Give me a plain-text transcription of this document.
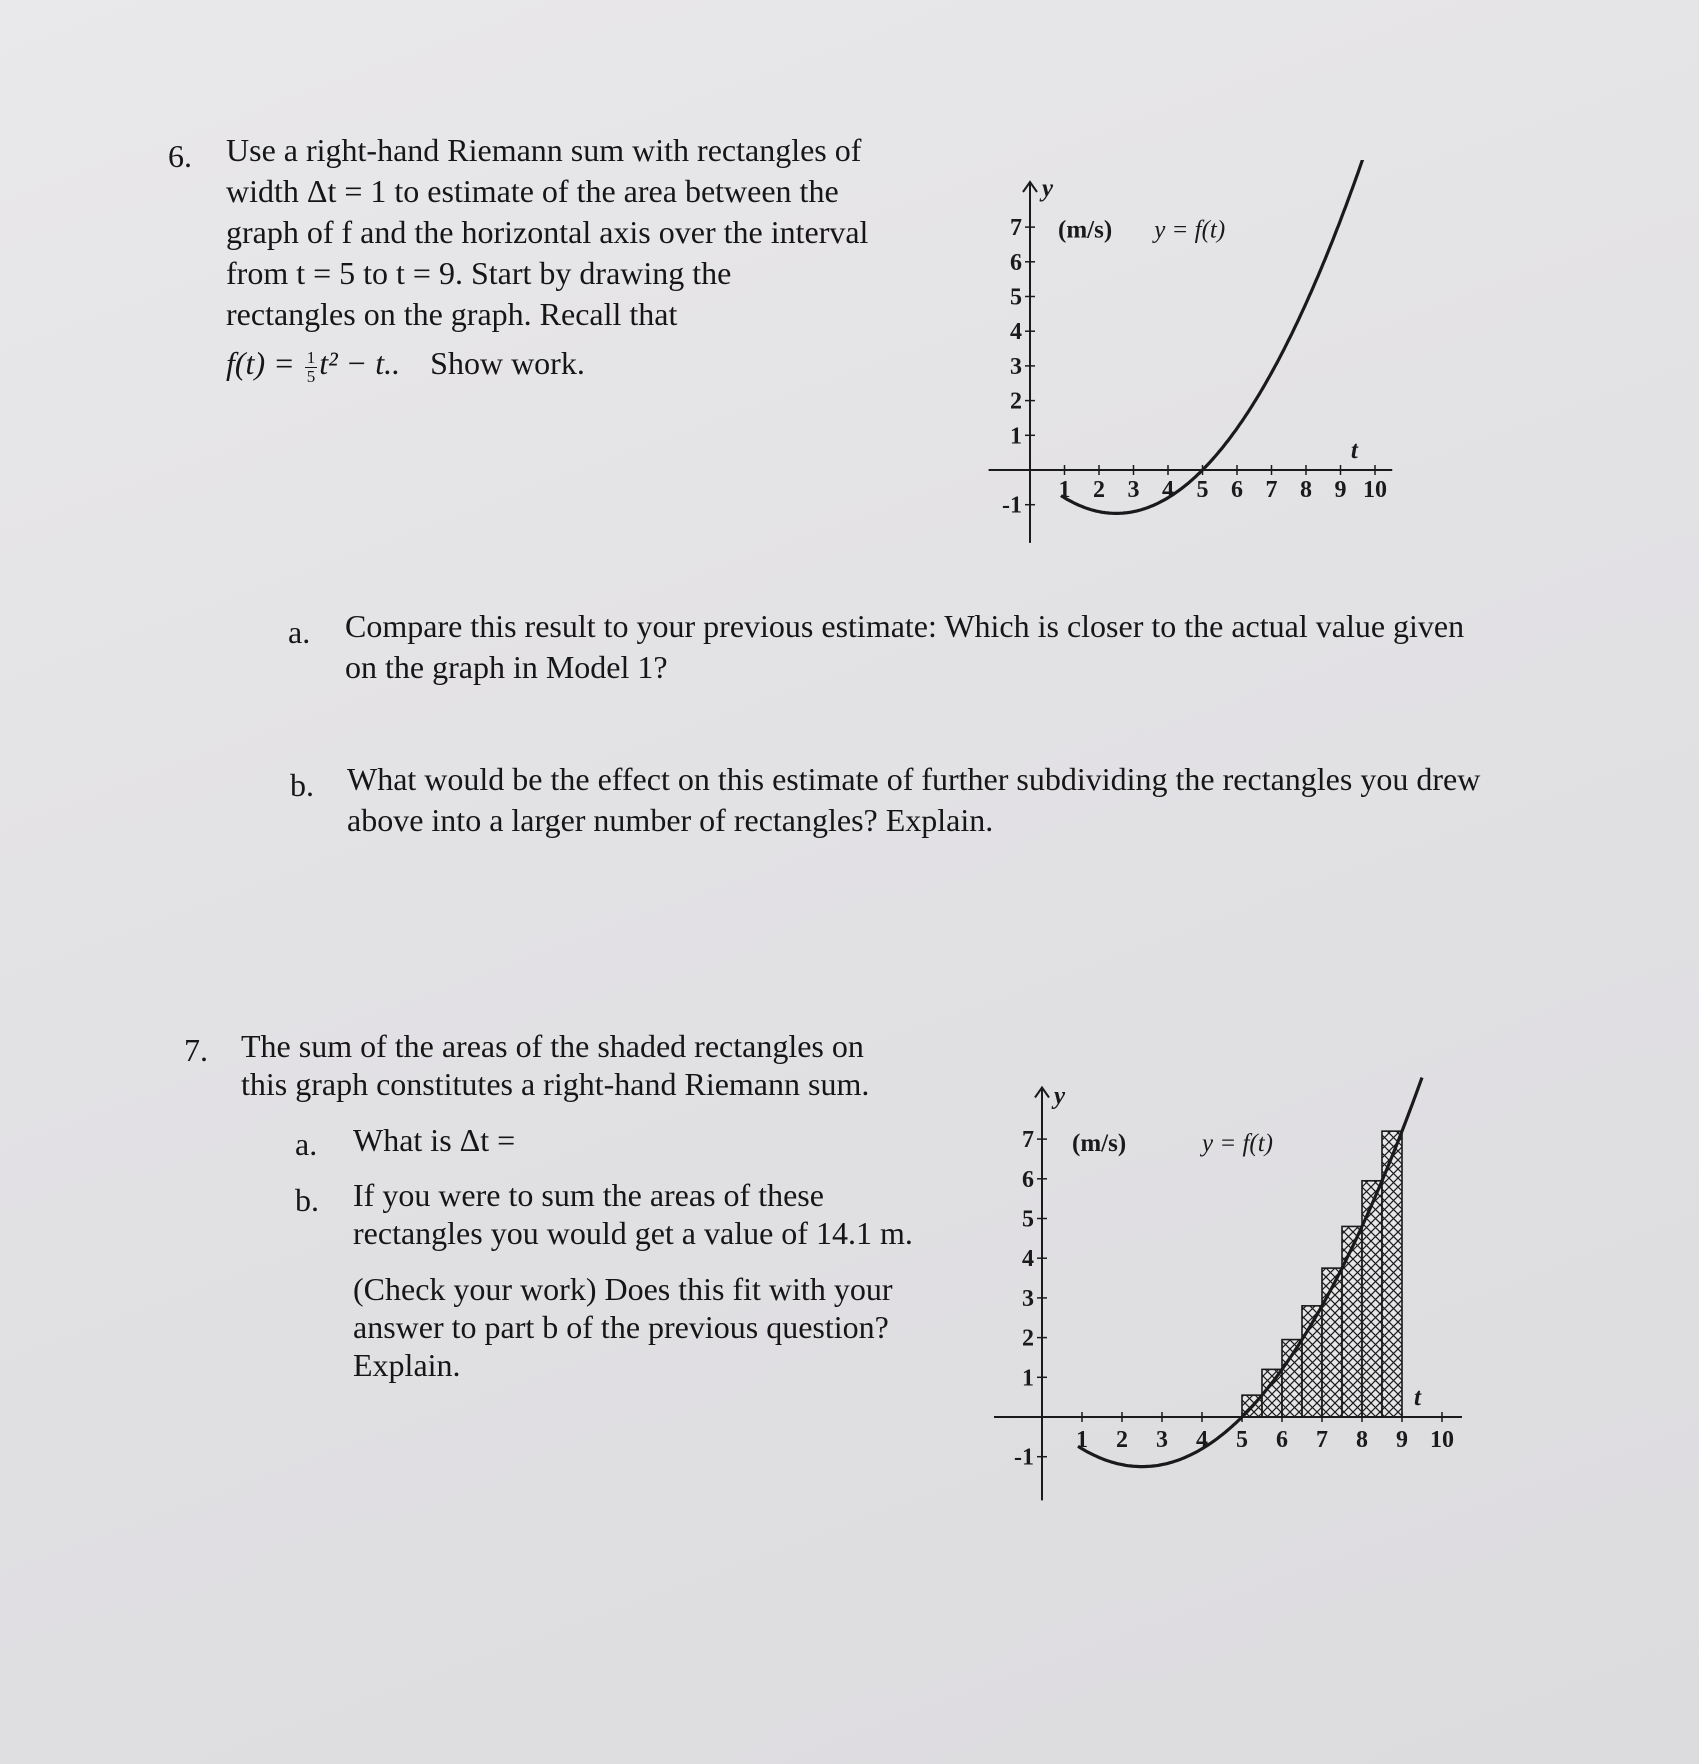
6. Use a right-hand Riemann sum with rectangles of
width Δt = 1 to estimate of the area between the
graph of f and the horizontal axis over the interval
from t = 5 to t = 9. Start by drawing the
rectangles on the graph. Recall that
$f(t) = \frac{1}{5} t^2 - t$.. Show work.
1 2 3 4 5 6 7 8 9 10
-1
1
2
3
4
5
6
7
y
(m/s) y = f(t)
t
a. Compare this result to your previous estimate: Which is closer to the actual value given
on the graph in Model 1?
b. What would be the effect on this estimate of further subdividing the rectangles you drew
above into a larger number of rectangles? Explain.
7. The sum of the areas of the shaded rectangles on
this graph constitutes a right-hand Riemann sum.
a. What is Δt =
b. If you were to sum the areas of these
rectangles you would get a value of 14.1 m.
(Check your work) Does this fit with your
answer to part b of the previous question?
Explain.
1 2 3 4 5 6 7 8 9 10
-1
1
2
3
4
5
6
7
y
(m/s)	y = f(t)
t
